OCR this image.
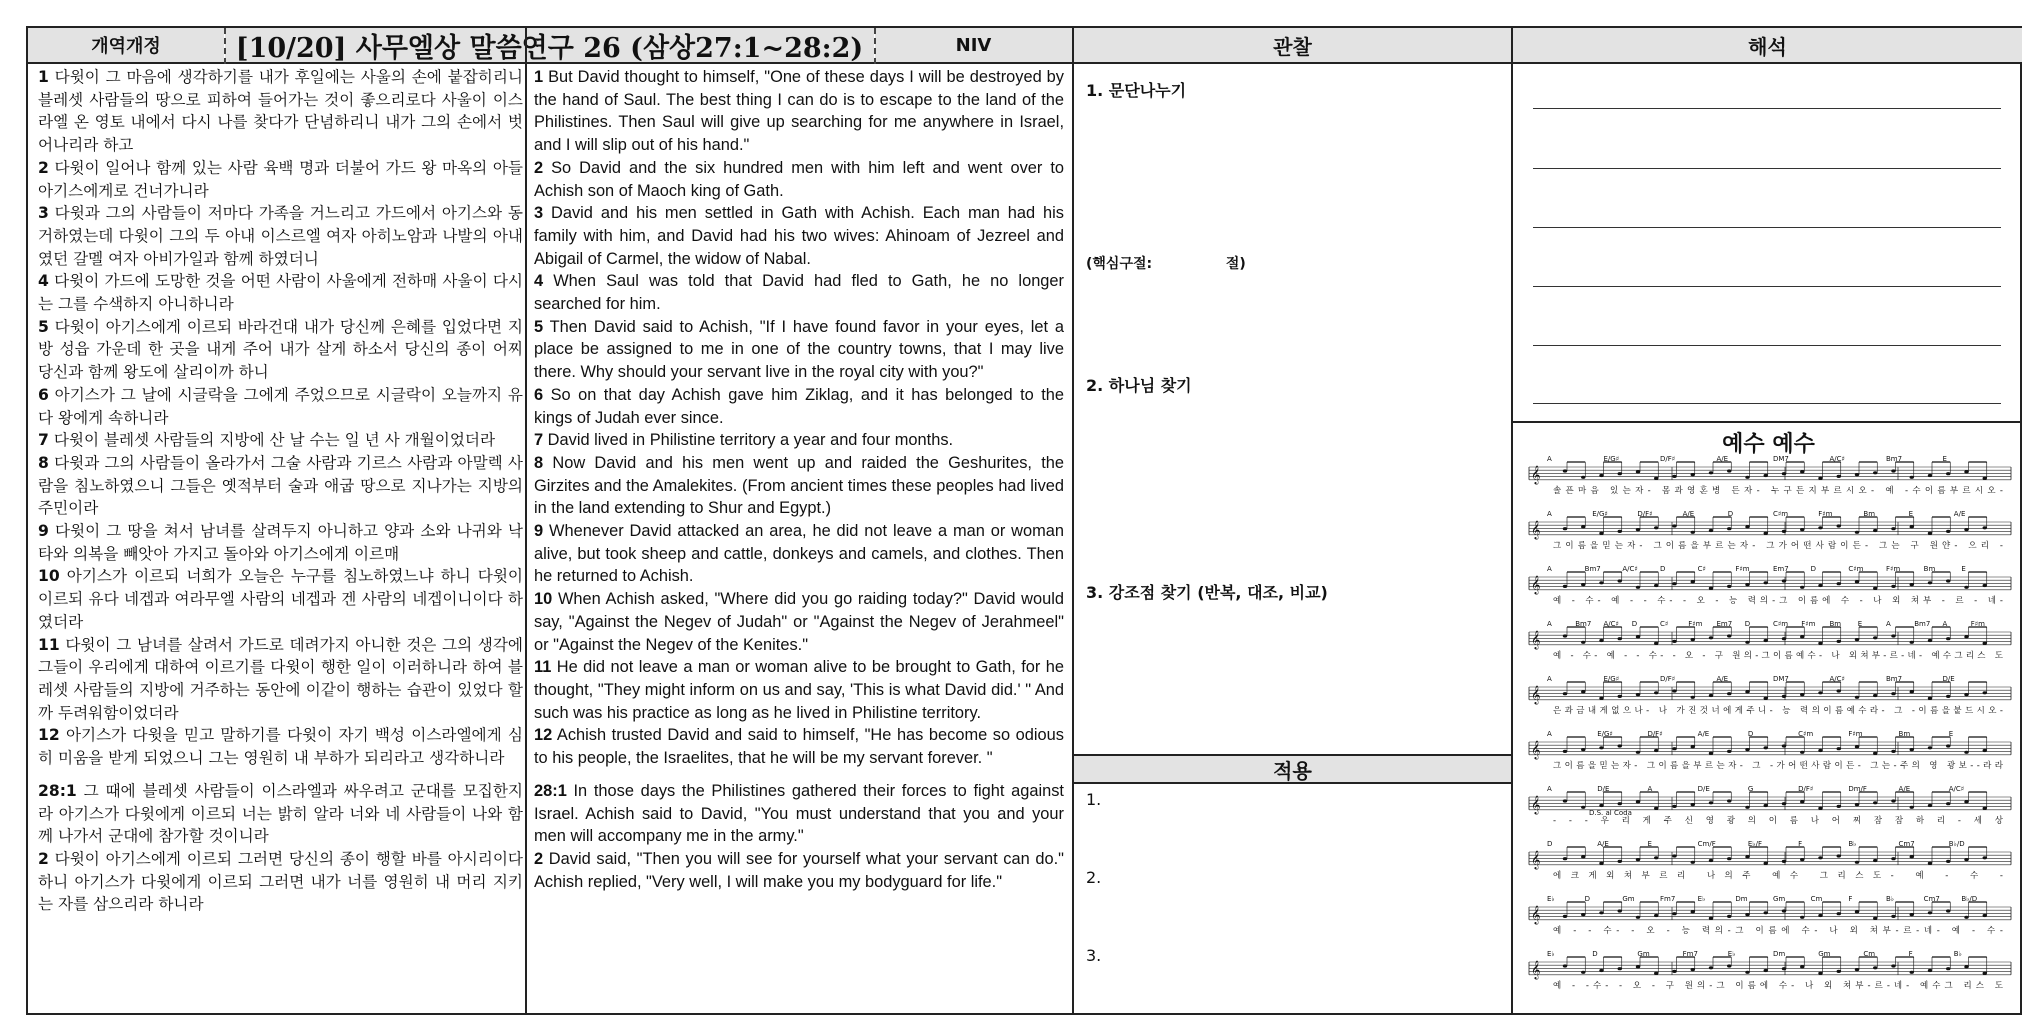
개역개정	[10/20] 사무엘상 말씀연구 26 (삼상27:1~28:2)	NIV	관찰	해석
1 다윗이 그 마음에 생각하기를 내가 후일에는 사울의 손에 붙잡히리니 블레셋 사람들의 땅으로 피하여 들어가는 것이 좋으리로다 사울이 이스라엘 온 영토 내에서 다시 나를 찾다가 단념하리니 내가 그의 손에서 벗어나리라 하고
2 다윗이 일어나 함께 있는 사람 육백 명과 더불어 가드 왕 마옥의 아들 아기스에게로 건너가니라
3 다윗과 그의 사람들이 저마다 가족을 거느리고 가드에서 아기스와 동거하였는데 다윗이 그의 두 아내 이스르엘 여자 아히노암과 나발의 아내였던 갈멜 여자 아비가일과 함께 하였더니
4 다윗이 가드에 도망한 것을 어떤 사람이 사울에게 전하매 사울이 다시는 그를 수색하지 아니하니라
5 다윗이 아기스에게 이르되 바라건대 내가 당신께 은혜를 입었다면 지방 성읍 가운데 한 곳을 내게 주어 내가 살게 하소서 당신의 종이 어찌 당신과 함께 왕도에 살리이까 하니
6 아기스가 그 날에 시글락을 그에게 주었으므로 시글락이 오늘까지 유다 왕에게 속하니라
7 다윗이 블레셋 사람들의 지방에 산 날 수는 일 년 사 개월이었더라
8 다윗과 그의 사람들이 올라가서 그술 사람과 기르스 사람과 아말렉 사람을 침노하였으니 그들은 옛적부터 술과 애굽 땅으로 지나가는 지방의 주민이라
9 다윗이 그 땅을 쳐서 남녀를 살려두지 아니하고 양과 소와 나귀와 낙타와 의복을 빼앗아 가지고 돌아와 아기스에게 이르매
10 아기스가 이르되 너희가 오늘은 누구를 침노하였느냐 하니 다윗이 이르되 유다 네겝과 여라무엘 사람의 네겝과 겐 사람의 네겝이니이다 하였더라
11 다윗이 그 남녀를 살려서 가드로 데려가지 아니한 것은 그의 생각에 그들이 우리에게 대하여 이르기를 다윗이 행한 일이 이러하니라 하여 블레셋 사람들의 지방에 거주하는 동안에 이같이 행하는 습관이 있었다 할까 두려워함이었더라
12 아기스가 다윗을 믿고 말하기를 다윗이 자기 백성 이스라엘에게 심히 미움을 받게 되었으니 그는 영원히 내 부하가 되리라고 생각하니라
28:1 그 때에 블레셋 사람들이 이스라엘과 싸우려고 군대를 모집한지라 아기스가 다윗에게 이르되 너는 밝히 알라 너와 네 사람들이 나와 함께 나가서 군대에 참가할 것이니라
2 다윗이 아기스에게 이르되 그러면 당신의 종이 행할 바를 아시리이다 하니 아기스가 다윗에게 이르되 그러면 내가 너를 영원히 내 머리 지키는 자를 삼으리라 하니라
1 But David thought to himself, "One of these days I will be destroyed by the hand of Saul. The best thing I can do is to escape to the land of the Philistines. Then Saul will give up searching for me anywhere in Israel, and I will slip out of his hand."
2 So David and the six hundred men with him left and went over to Achish son of Maoch king of Gath.
3 David and his men settled in Gath with Achish. Each man had his family with him, and David had his two wives: Ahinoam of Jezreel and Abigail of Carmel, the widow of Nabal.
4 When Saul was told that David had fled to Gath, he no longer searched for him.
5 Then David said to Achish, "If I have found favor in your eyes, let a place be assigned to me in one of the country towns, that I may live there. Why should your servant live in the royal city with you?"
6 So on that day Achish gave him Ziklag, and it has belonged to the kings of Judah ever since.
7 David lived in Philistine territory a year and four months.
8 Now David and his men went up and raided the Geshurites, the Girzites and the Amalekites. (From ancient times these peoples had lived in the land extending to Shur and Egypt.)
9 Whenever David attacked an area, he did not leave a man or woman alive, but took sheep and cattle, donkeys and camels, and clothes. Then he returned to Achish.
10 When Achish asked, "Where did you go raiding today?" David would say, "Against the Negev of Judah" or "Against the Negev of Jerahmeel" or "Against the Negev of the Kenites."
11 He did not leave a man or woman alive to be brought to Gath, for he thought, "They might inform on us and say, 'This is what David did.' " And such was his practice as long as he lived in Philistine territory.
12 Achish trusted David and said to himself, "He has become so odious to his people, the Israelites, that he will be my servant forever. "
28:1 In those days the Philistines gathered their forces to fight against Israel. Achish said to David, "You must understand that you and your men will accompany me in the army."
2 David said, "Then you will see for yourself what your servant can do." Achish replied, "Very well, I will make you my bodyguard for life."
1. 문단나누기
(핵심구절:	절)
2. 하나님 찾기
3. 강조점 찾기 (반복, 대조, 비교)
적용
1.
2.
3.
예수 예수
A	E/G♯	D/F♯	A/E	DM7	A/C♯	Bm7	E
𝄞
솔픈마음 있는자- 몸과영혼병 든자- 누구든지부르시오- 예 -수이름부르시오-
A	E/G♯	D/F♯	A/E	D	C♯m	F♯m	Bm	E	A/E
𝄞
그이름을믿는자- 그이름을부르는자- 그가어떤사람이든- 그는 구 원얀- 으리 -
A	Bm7	A/C♯	D	C♯	F♯m	Em7	D	C♯m	F♯m	Bm	E
𝄞
예 - 수- 예 - - 수- - 오 - 능 력의-그 이름에 수 - 나 외 쳐부 - 르 - 네-
A	Bm7 A/C♯ D	C♯	F♯m Em7 D	C♯m F♯m Bm E	A	Bm7 A	F♯m
𝄞
예 - 수- 예 - - 수- - 오 - 구 원의-그이름예수- 나 외쳐부-르-네- 예수그리스 도
A	E/G♯	D/F♯	A/E	DM7	A/C♯	Bm7	D/E
𝄞
은과금내게없으나- 나 가진것너에게주니- 능 력의이름예수라- 그 -이름을붙드시오-
A	E/G♯	D/F♯	A/E	D	C♯m	F♯m	Bm	E
𝄞
그이름을믿는자- 그이름을부르는자- 그 -가어떤사람이든- 그는-주의 영 광보--라라
A	D/E	A	D/E	G	D/F♯	Dm/F	A/E	A/C♯
𝄞
- - - 우 리 게 주 신 영 광 의 이 름 나 어 찌 잠 잠 하 리 - 세 상
D.S. al Coda
D	A/E	E	Cm/F	E♭/F	F	B♭	Cm7	B♭/D
𝄞
에크게외쳐부르리 나의주 예수 그리스도- 예 - 수 -
E♭	D	Gm	Fm7	E♭	Dm	Gm	Cm	F	B♭	Cm7	B♭/D
𝄞
예 - - 수- - 오 - 능 력의-그 이름에 수- 나 외 쳐부-르-네- 예 - 수-
E♭	D	Gm	Fm7	E♭	Dm	Gm	Cm	F	B♭
𝄞
예 - -수- - 오 - 구 원의-그 이름에 수- 나 외 쳐부-르-네- 예수그 리스 도
